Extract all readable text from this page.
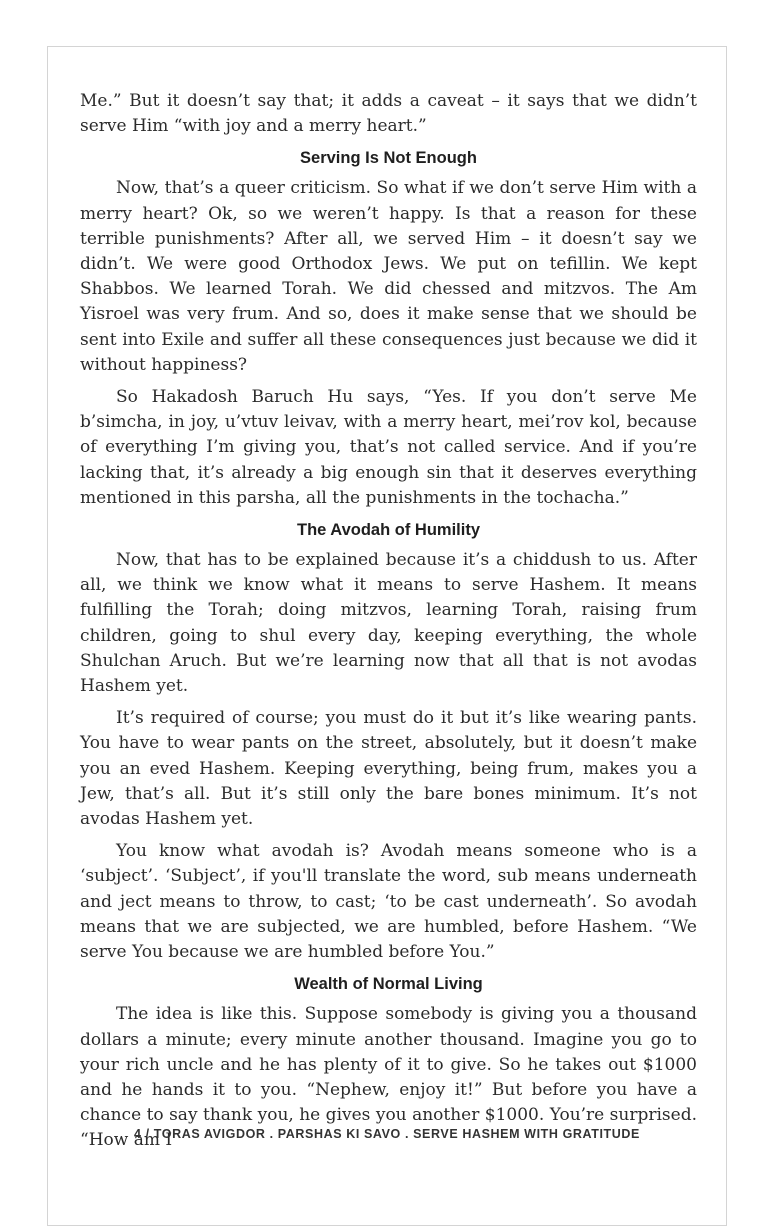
Me.” But it doesn’t say that; it adds a caveat – it says that we didn’t serve Him “with joy and a merry heart.”

Serving Is Not Enough

Now, that’s a queer criticism. So what if we don’t serve Him with a merry heart? Ok, so we weren’t happy. Is that a reason for these terrible punishments? After all, we served Him – it doesn’t say we didn’t. We were good Orthodox Jews. We put on tefillin. We kept Shabbos. We learned Torah. We did chessed and mitzvos. The Am Yisroel was very frum. And so, does it make sense that we should be sent into Exile and suffer all these consequences just because we did it without happiness?

So Hakadosh Baruch Hu says, “Yes. If you don’t serve Me b’simcha, in joy, u’vtuv leivav, with a merry heart, mei’rov kol, because of everything I’m giving you, that’s not called service. And if you’re lacking that, it’s already a big enough sin that it deserves everything mentioned in this parsha, all the punishments in the tochacha.”

The Avodah of Humility

Now, that has to be explained because it’s a chiddush to us. After all, we think we know what it means to serve Hashem. It means fulfilling the Torah; doing mitzvos, learning Torah, raising frum children, going to shul every day, keeping everything, the whole Shulchan Aruch. But we’re learning now that all that is not avodas Hashem yet.

It’s required of course; you must do it but it’s like wearing pants. You have to wear pants on the street, absolutely, but it doesn’t make you an eved Hashem. Keeping everything, being frum, makes you a Jew, that’s all. But it’s still only the bare bones minimum. It’s not avodas Hashem yet.

You know what avodah is? Avodah means someone who is a ‘subject’. ‘Subject’, if you'll translate the word, sub means underneath and ject means to throw, to cast; ‘to be cast underneath’. So avodah means that we are subjected, we are humbled, before Hashem. “We serve You because we are humbled before You.”

Wealth of Normal Living

The idea is like this. Suppose somebody is giving you a thousand dollars a minute; every minute another thousand. Imagine you go to your rich uncle and he has plenty of it to give. So he takes out $1000 and he hands it to you. “Nephew, enjoy it!” But before you have a chance to say thank you, he gives you another $1000. You’re surprised. “How am I

4 / TORAS AVIGDOR . PARSHAS KI SAVO . SERVE HASHEM WITH GRATITUDE
